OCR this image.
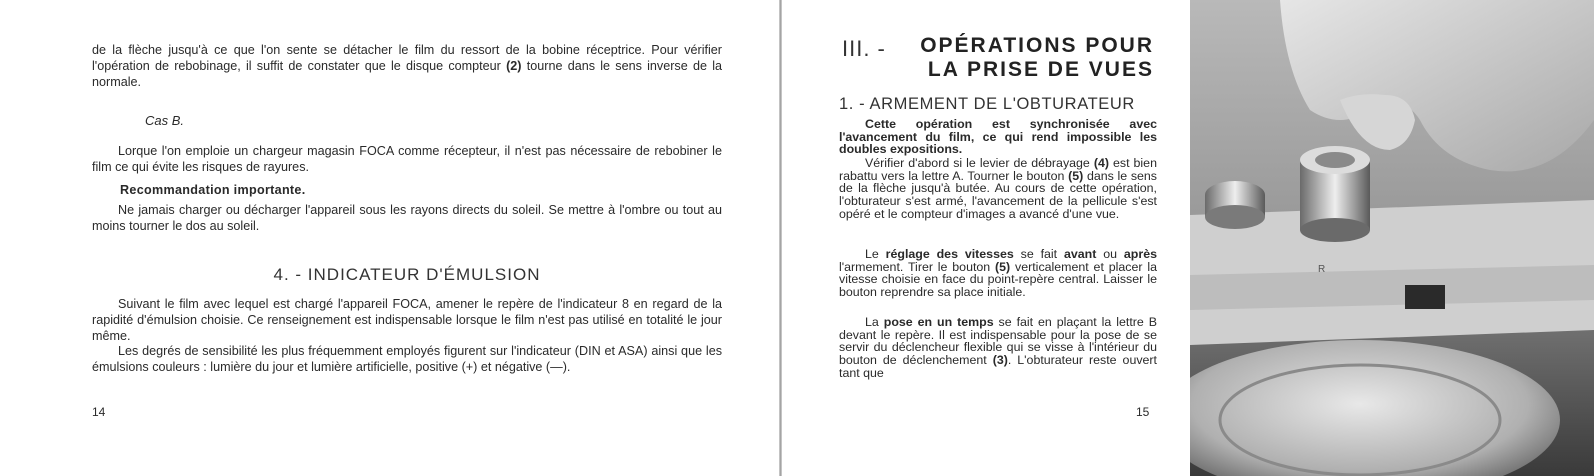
de la flèche jusqu'à ce que l'on sente se détacher le film du ressort de la bobine réceptrice. Pour vérifier l'opération de rebobinage, il suffit de constater que le disque compteur (2) tourne dans le sens inverse de la normale.

Cas B.

Lorque l'on emploie un chargeur magasin FOCA comme récepteur, il n'est pas nécessaire de rebobiner le film ce qui évite les risques de rayures.

Recommandation importante.

Ne jamais charger ou décharger l'appareil sous les rayons directs du soleil. Se mettre à l'ombre ou tout au moins tourner le dos au soleil.

4. - INDICATEUR D'ÉMULSION

Suivant le film avec lequel est chargé l'appareil FOCA, amener le repère de l'indicateur 8 en regard de la rapidité d'émulsion choisie. Ce renseignement est indispensable lorsque le film n'est pas utilisé en totalité le jour même.

Les degrés de sensibilité les plus fréquemment employés figurent sur l'indicateur (DIN et ASA) ainsi que les émulsions couleurs : lumière du jour et lumière artificielle, positive (+) et négative (—).

14
III. -	OPÉRATIONS POUR
LA PRISE DE VUES
1. - ARMEMENT DE L'OBTURATEUR

Cette opération est synchronisée avec l'avancement du film, ce qui rend impossible les doubles expositions.

Vérifier d'abord si le levier de débrayage (4) est bien rabattu vers la lettre A. Tourner le bouton (5) dans le sens de la flèche jusqu'à butée. Au cours de cette opération, l'obturateur s'est armé, l'avancement de la pellicule s'est opéré et le compteur d'images a avancé d'une vue.

Le réglage des vitesses se fait avant ou après l'armement. Tirer le bouton (5) verticalement et placer la vitesse choisie en face du point-repère central. Laisser le bouton reprendre sa place initiale.

La pose en un temps se fait en plaçant la lettre B devant le repère. Il est indispensable pour la pose de se servir du déclencheur flexible qui se visse à l'intérieur du bouton de déclenchement (3). L'obturateur reste ouvert tant que

15
R
